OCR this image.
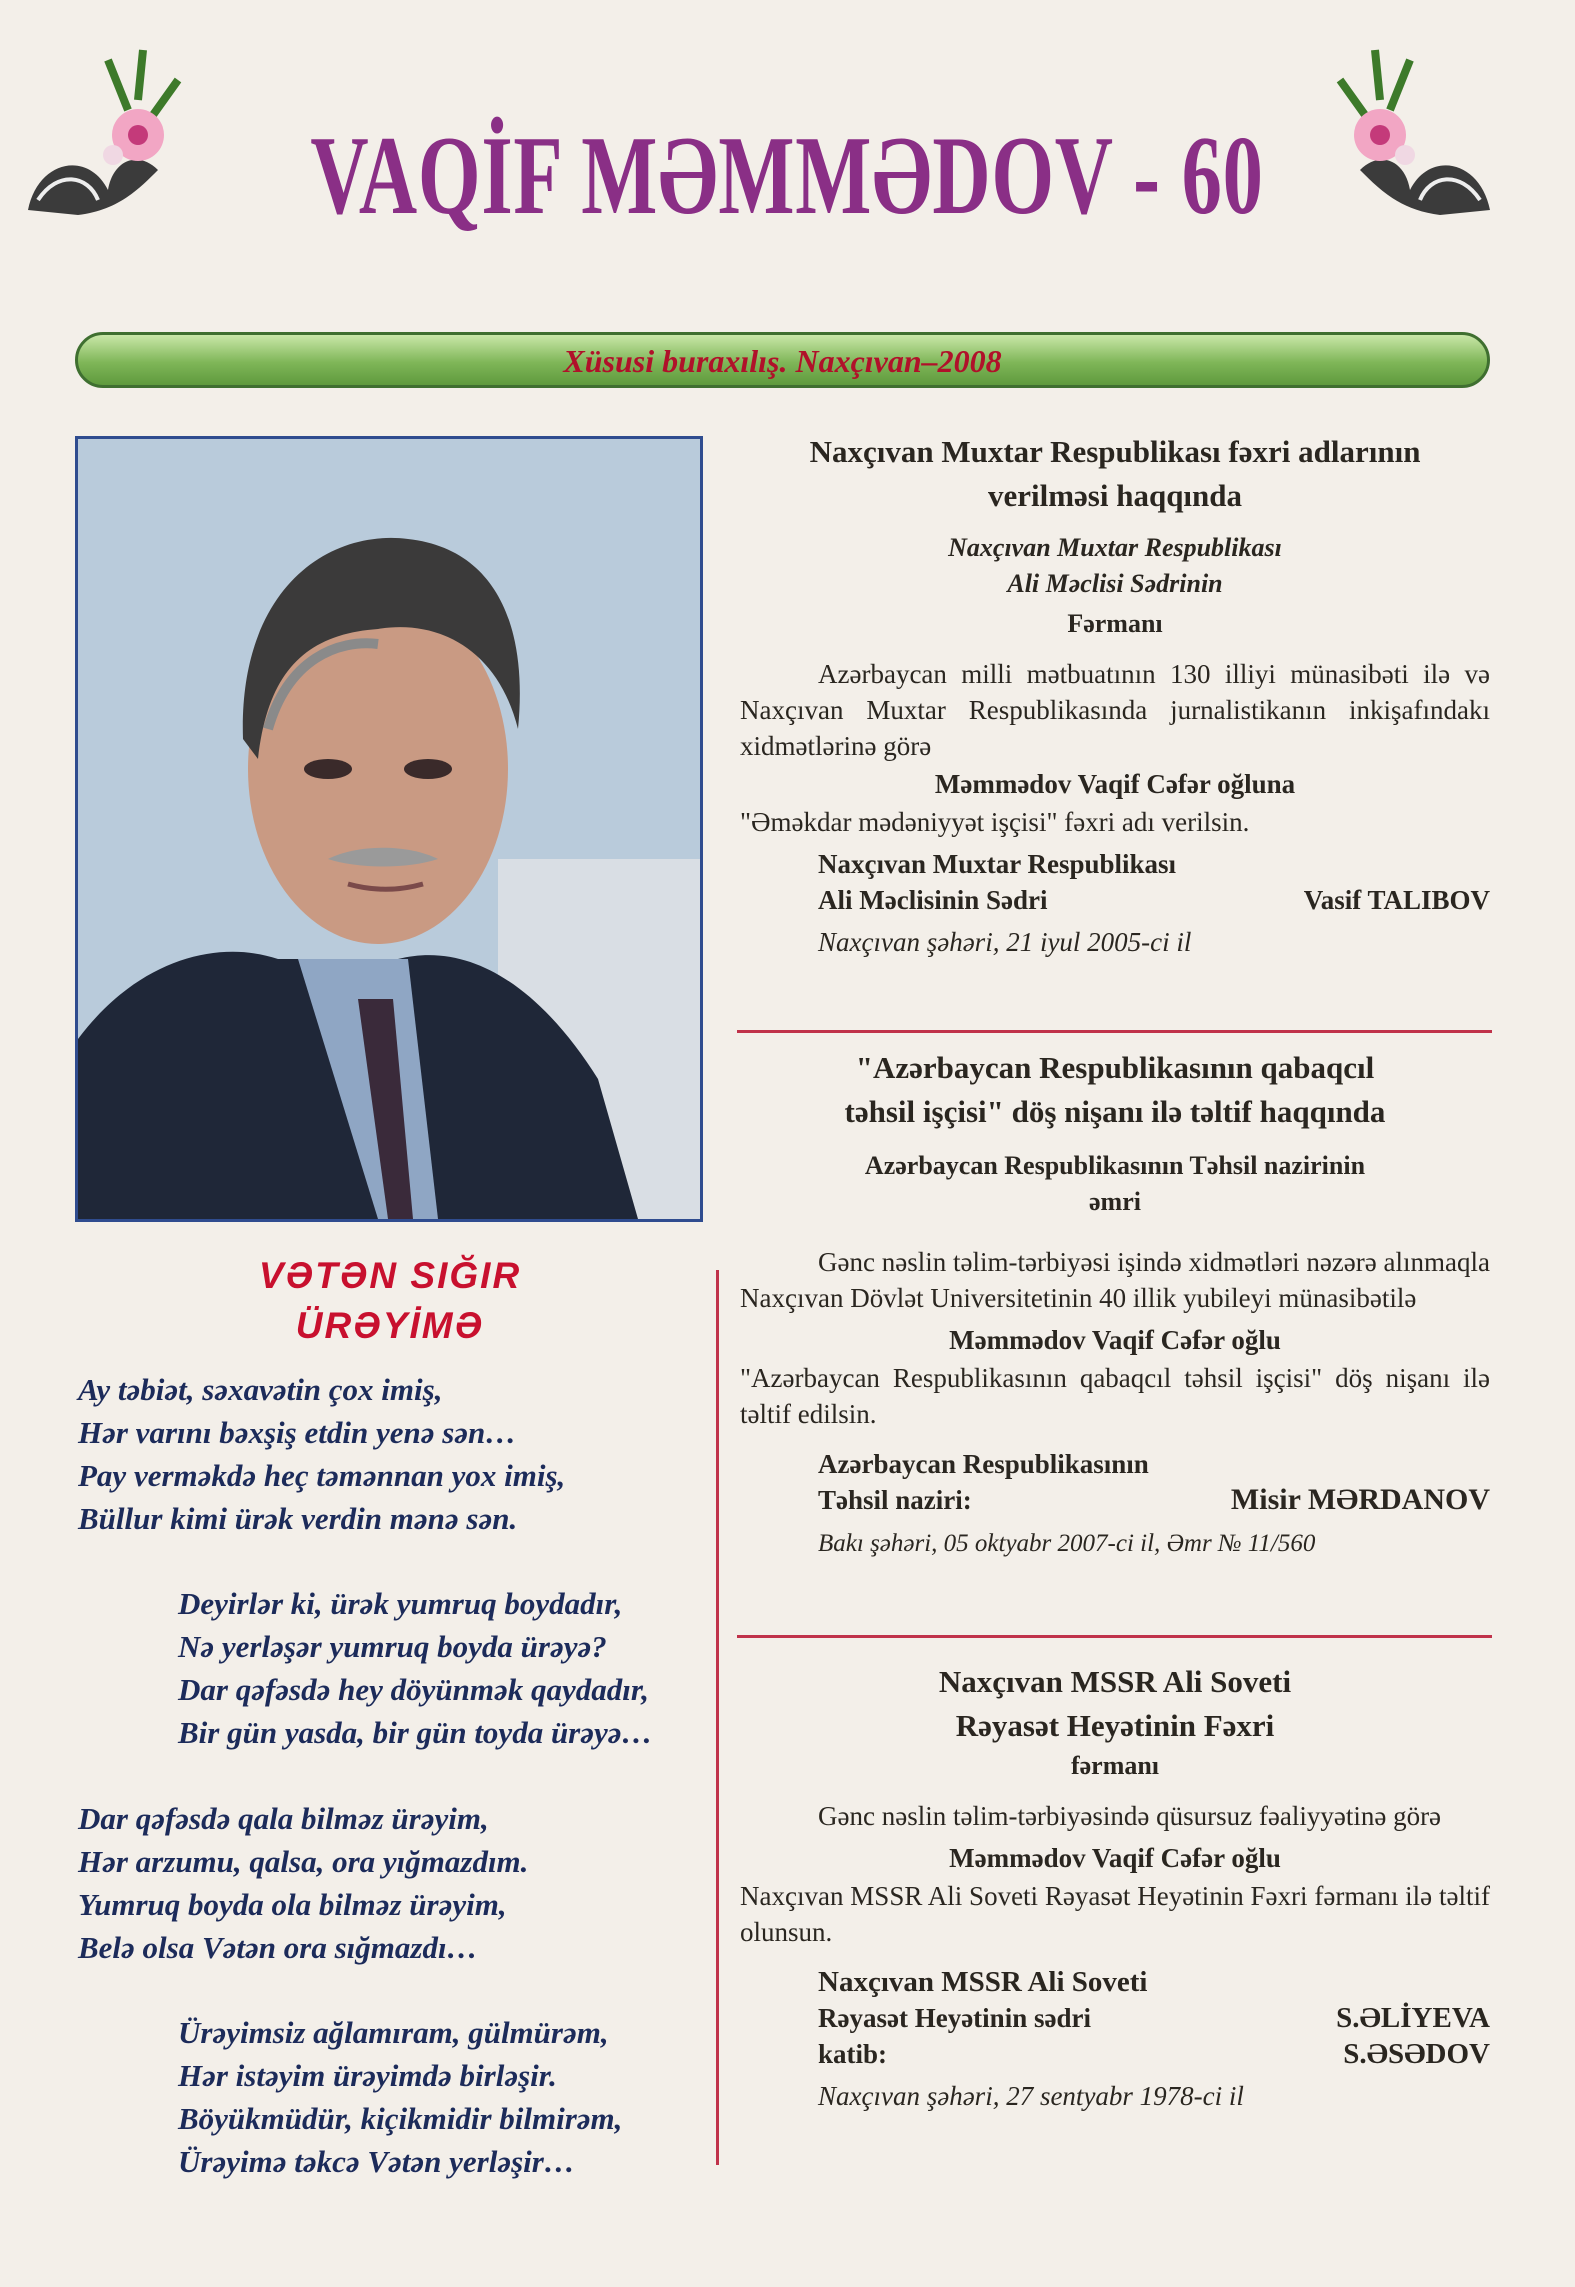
VAQİF MƏMMƏDOV - 60
Xüsusi buraxılış. Naxçıvan–2008
VƏTƏN SIĞIR
ÜRƏYİMƏ
Ay təbiət, səxavətin çox imiş,
Hər varını bəxşiş etdin yenə sən…
Pay verməkdə heç təmənnan yox imiş,
Büllur kimi ürək verdin mənə sən.
Deyirlər ki, ürək yumruq boydadır,
Nə yerləşər yumruq boyda ürəyə?
Dar qəfəsdə hey döyünmək qaydadır,
Bir gün yasda, bir gün toyda ürəyə…
Dar qəfəsdə qala bilməz ürəyim,
Hər arzumu, qalsa, ora yığmazdım.
Yumruq boyda ola bilməz ürəyim,
Belə olsa Vətən ora sığmazdı…
Ürəyimsiz ağlamıram, gülmürəm,
Hər istəyim ürəyimdə birləşir.
Böyükmüdür, kiçikmidir bilmirəm,
Ürəyimə təkcə Vətən yerləşir…
Naxçıvan Muxtar Respublikası fəxri adlarının
verilməsi haqqında
Naxçıvan Muxtar Respublikası
Ali Məclisi Sədrinin
Fərmanı
Azərbaycan milli mətbuatının 130 illiyi münasibəti ilə və Naxçıvan Muxtar Respublikasında jurnalistikanın inkişafındakı xidmətlərinə görə
Məmmədov Vaqif Cəfər oğluna
"Əməkdar mədəniyyət işçisi" fəxri adı verilsin.
Naxçıvan Muxtar Respublikası
Ali Məclisinin Sədri	Vasif TALIBOV
Naxçıvan şəhəri, 21 iyul 2005-ci il
"Azərbaycan Respublikasının qabaqcıl
təhsil işçisi" döş nişanı ilə təltif haqqında
Azərbaycan Respublikasının Təhsil nazirinin
əmri
Gənc nəslin təlim-tərbiyəsi işində xidmətləri nəzərə alınmaqla Naxçıvan Dövlət Universitetinin 40 illik yubileyi münasibətilə
Məmmədov Vaqif Cəfər oğlu
"Azərbaycan Respublikasının qabaqcıl təhsil işçisi" döş nişanı ilə təltif edilsin.
Azərbaycan Respublikasının
Təhsil naziri:	Misir MƏRDANOV
Bakı şəhəri, 05 oktyabr 2007-ci il, Əmr № 11/560
Naxçıvan MSSR Ali Soveti
Rəyasət Heyətinin Fəxri
fərmanı
Gənc nəslin təlim-tərbiyəsində qüsursuz fəaliyyətinə görə
Məmmədov Vaqif Cəfər oğlu
Naxçıvan MSSR Ali Soveti Rəyasət Heyətinin Fəxri fərmanı ilə təltif olunsun.
Naxçıvan MSSR Ali Soveti
Rəyasət Heyətinin sədri	S.ƏLİYEVA
katib:	S.ƏSƏDOV
Naxçıvan şəhəri, 27 sentyabr 1978-ci il
